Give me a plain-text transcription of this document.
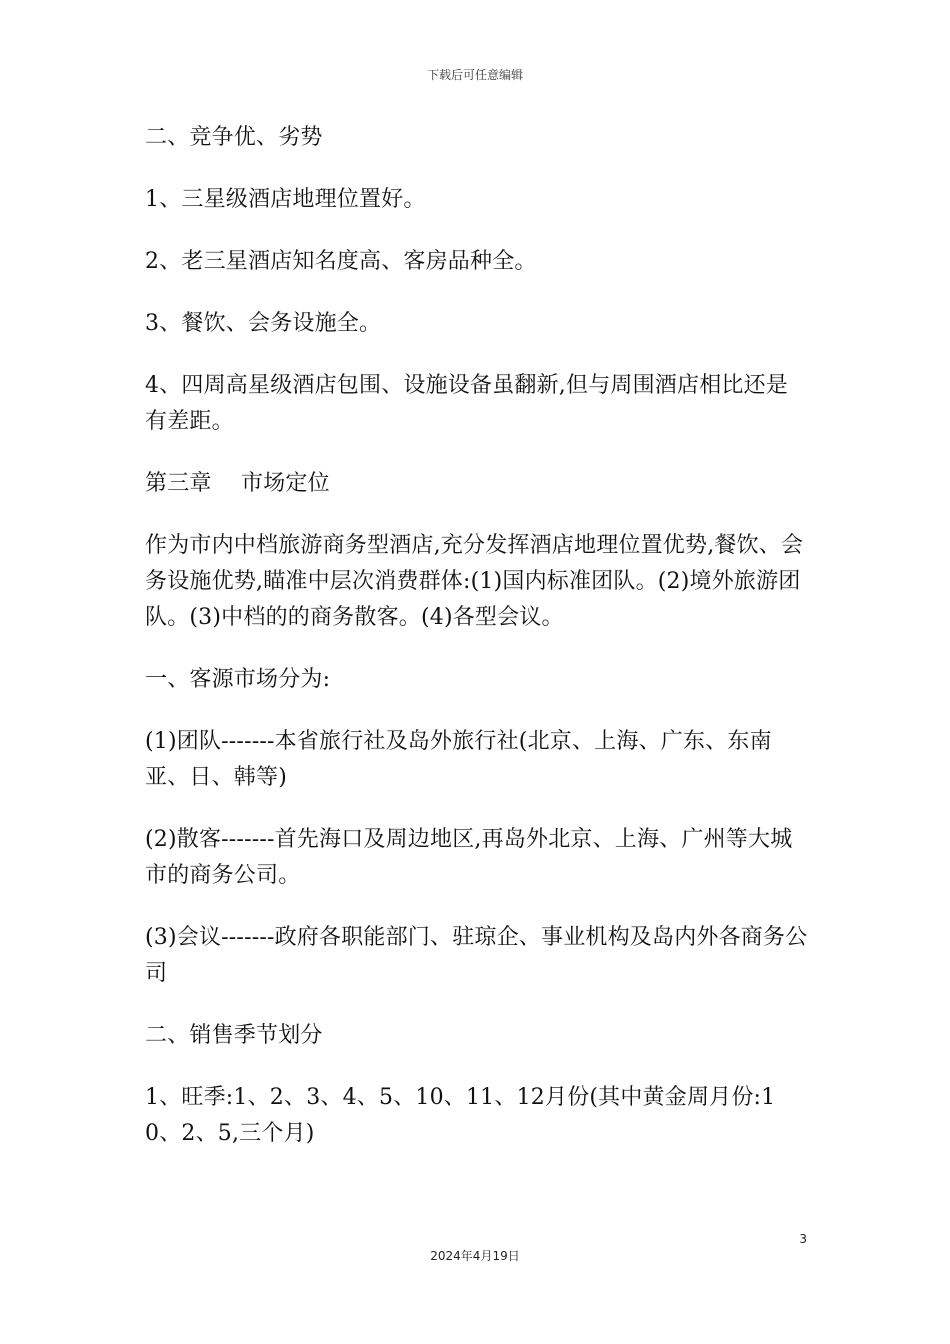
下载后可任意编辑

二、竞争优、劣势

1、三星级酒店地理位置好。

2、老三星酒店知名度高、客房品种全。

3、餐饮、会务设施全。

4、四周高星级酒店包围、设施设备虽翻新,但与周围酒店相比还是有差距。

第三章　 市场定位

作为市内中档旅游商务型酒店,充分发挥酒店地理位置优势,餐饮、会务设施优势,瞄准中层次消费群体:(1)国内标准团队。(2)境外旅游团队。(3)中档的的商务散客。(4)各型会议。

一、客源市场分为:

(1)团队-------本省旅行社及岛外旅行社(北京、上海、广东、东南亚、日、韩等)

(2)散客-------首先海口及周边地区,再岛外北京、上海、广州等大城市的商务公司。

(3)会议-------政府各职能部门、驻琼企、事业机构及岛内外各商务公司

二、销售季节划分

1、旺季:1、2、3、4、5、10、11、12月份(其中黄金周月份:10、2、5,三个月)

3
2024年4月19日
